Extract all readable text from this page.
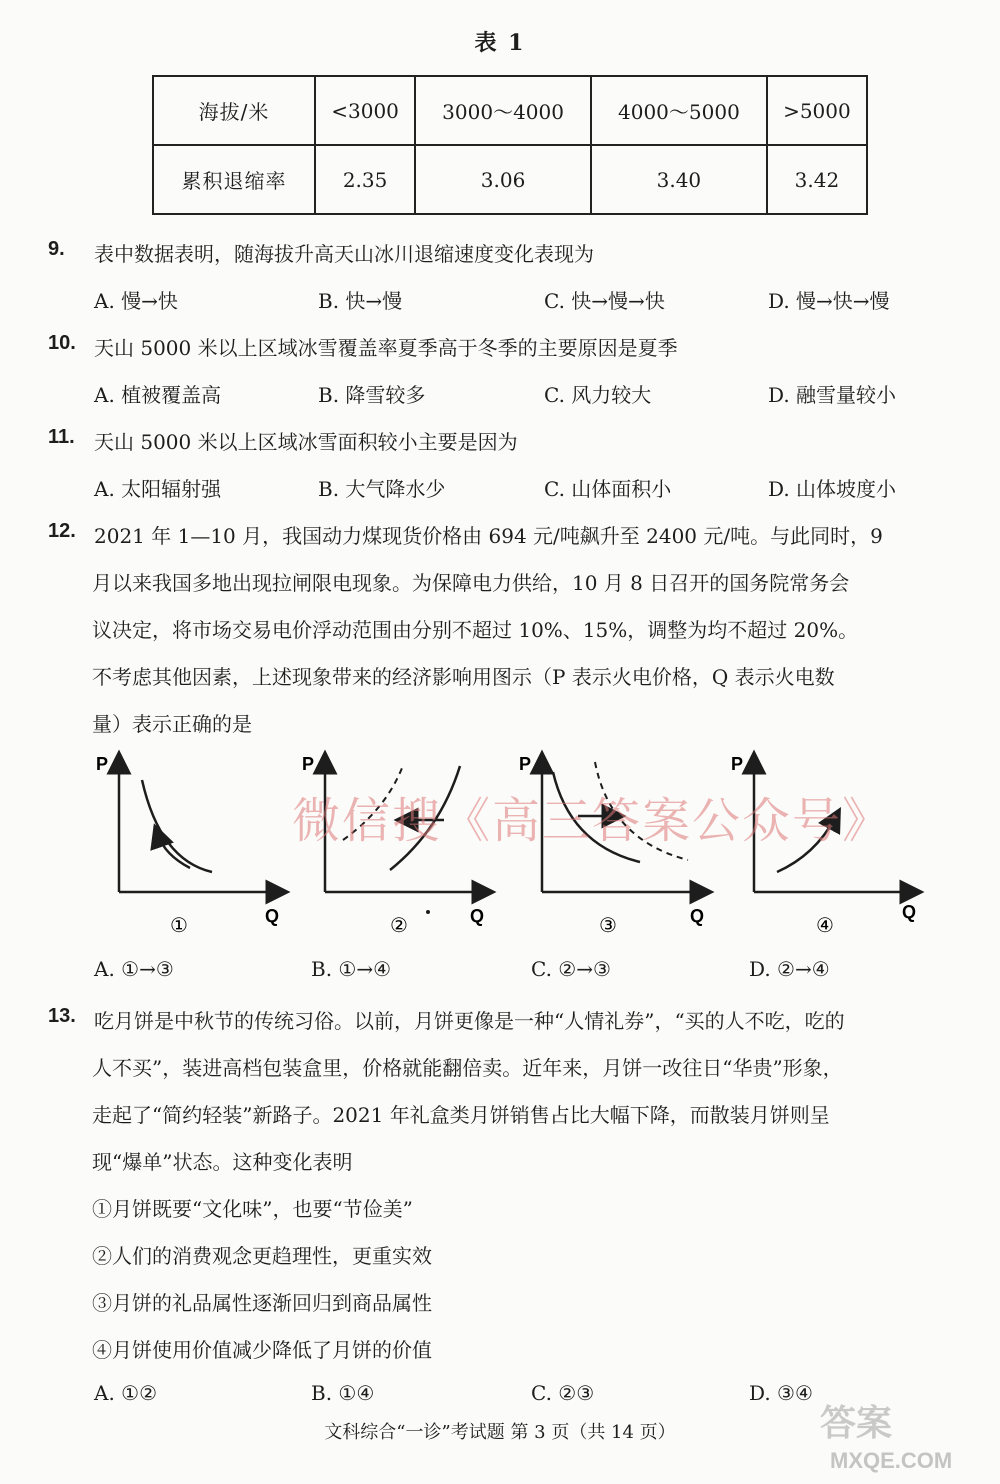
表 1
海拔/米	<3000	3000～4000	4000～5000	>5000
累积退缩率	2.35	3.06	3.40	3.42
9. 表中数据表明，随海拔升高天山冰川退缩速度变化表现为
A. 慢→快	B. 快→慢	C. 快→慢→快	D. 慢→快→慢
10. 天山 5000 米以上区域冰雪覆盖率夏季高于冬季的主要原因是夏季
A. 植被覆盖高	B. 降雪较多	C. 风力较大	D. 融雪量较小
11. 天山 5000 米以上区域冰雪面积较小主要是因为
A. 太阳辐射强	B. 大气降水少	C. 山体面积小	D. 山体坡度小
12. 2021 年 1—10 月，我国动力煤现货价格由 694 元/吨飙升至 2400 元/吨。与此同时，9
月以来我国多地出现拉闸限电现象。为保障电力供给，10 月 8 日召开的国务院常务会
议决定，将市场交易电价浮动范围由分别不超过 10%、15%，调整为均不超过 20%。
不考虑其他因素，上述现象带来的经济影响用图示（P 表示火电价格，Q 表示火电数
量）表示正确的是
P
Q
①
P
Q
②
P
Q
③
P
Q
④
A. ①→③	B. ①→④	C. ②→③	D. ②→④
微信搜《高三答案公众号》
13. 吃月饼是中秋节的传统习俗。以前，月饼更像是一种“人情礼券”，“买的人不吃，吃的
人不买”，装进高档包装盒里，价格就能翻倍卖。近年来，月饼一改往日“华贵”形象，
走起了“简约轻装”新路子。2021 年礼盒类月饼销售占比大幅下降，而散装月饼则呈
现“爆单”状态。这种变化表明
①月饼既要“文化味”，也要“节俭美”
②人们的消费观念更趋理性，更重实效
③月饼的礼品属性逐渐回归到商品属性
④月饼使用价值减少降低了月饼的价值
A. ①②	B. ①④	C. ②③	D. ③④
文科综合“一诊”考试题 第 3 页（共 14 页）	答案
MXQE.COM
